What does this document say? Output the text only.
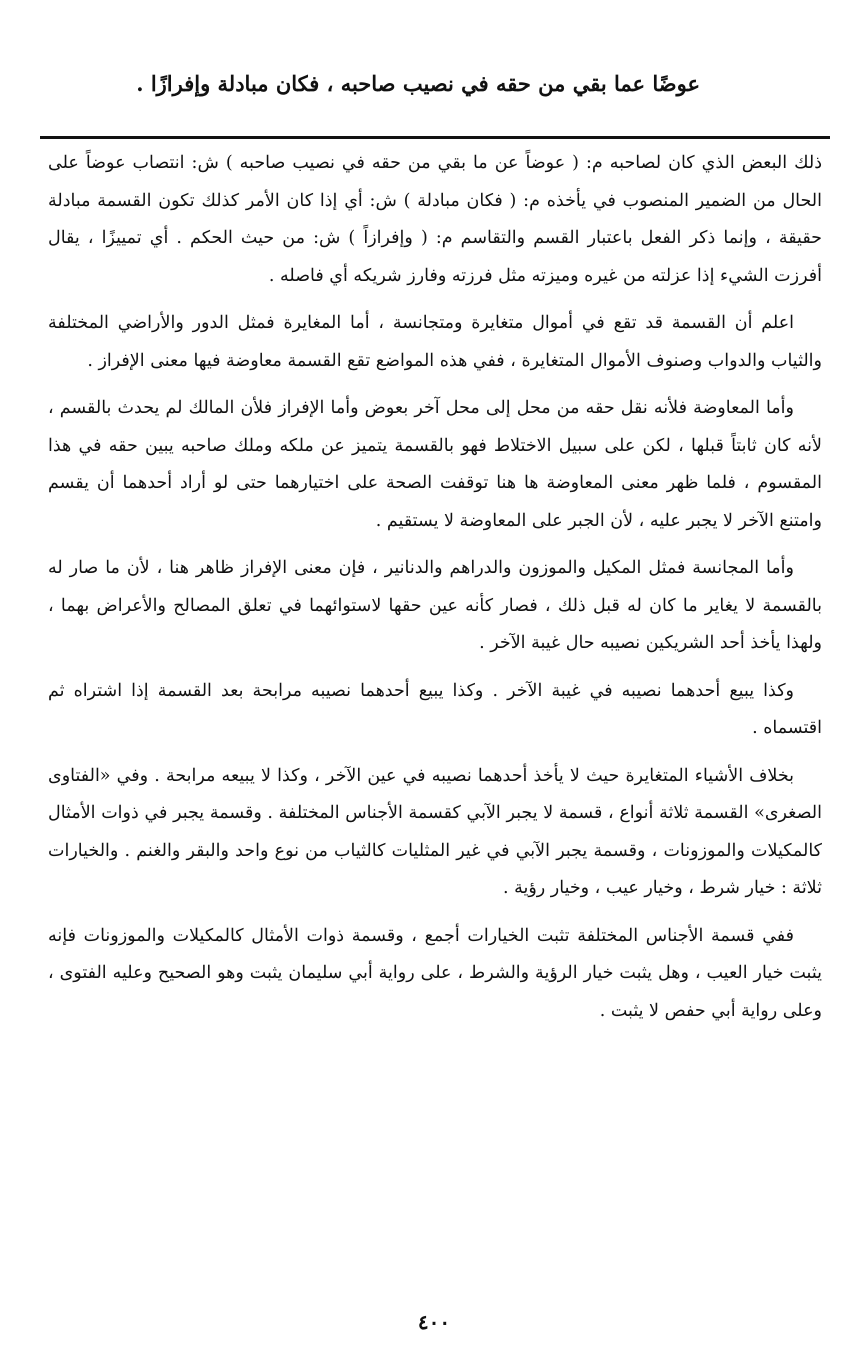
عوضًا عما بقي من حقه في نصيب صاحبه ، فكان مبادلة وإفرازًا .

ذلك البعض الذي كان لصاحبه م: ( عوضاً عن ما بقي من حقه في نصيب صاحبه ) ش: انتصاب عوضاً على الحال من الضمير المنصوب في يأخذه م: ( فكان مبادلة ) ش: أي إذا كان الأمر كذلك تكون القسمة مبادلة حقيقة ، وإنما ذكر الفعل باعتبار القسم والتقاسم م: ( وإفرازاً ) ش: من حيث الحكم . أي تمييزًا ، يقال أفرزت الشيء إذا عزلته من غيره وميزته مثل فرزته وفارز شريكه أي فاصله .

اعلم أن القسمة قد تقع في أموال متغايرة ومتجانسة ، أما المغايرة فمثل الدور والأراضي المختلفة والثياب والدواب وصنوف الأموال المتغايرة ، ففي هذه المواضع تقع القسمة معاوضة فيها معنى الإفراز .

وأما المعاوضة فلأنه نقل حقه من محل إلى محل آخر بعوض وأما الإفراز فلأن المالك لم يحدث بالقسم ، لأنه كان ثابتاً قبلها ، لكن على سبيل الاختلاط فهو بالقسمة يتميز عن ملكه وملك صاحبه يبين حقه في هذا المقسوم ، فلما ظهر معنى المعاوضة ها هنا توقفت الصحة على اختيارهما حتى لو أراد أحدهما أن يقسم وامتنع الآخر لا يجبر عليه ، لأن الجبر على المعاوضة لا يستقيم .

وأما المجانسة فمثل المكيل والموزون والدراهم والدنانير ، فإن معنى الإفراز ظاهر هنا ، لأن ما صار له بالقسمة لا يغاير ما كان له قبل ذلك ، فصار كأنه عين حقها لاستوائهما في تعلق المصالح والأعراض بهما ، ولهذا يأخذ أحد الشريكين نصيبه حال غيبة الآخر .

وكذا يبيع أحدهما نصيبه في غيبة الآخر . وكذا يبيع أحدهما نصيبه مرابحة بعد القسمة إذا اشتراه ثم اقتسماه .

بخلاف الأشياء المتغايرة حيث لا يأخذ أحدهما نصيبه في عين الآخر ، وكذا لا يبيعه مرابحة . وفي «الفتاوى الصغرى» القسمة ثلاثة أنواع ، قسمة لا يجبر الآبي كقسمة الأجناس المختلفة . وقسمة يجبر في ذوات الأمثال كالمكيلات والموزونات ، وقسمة يجبر الآبي في غير المثليات كالثياب من نوع واحد والبقر والغنم . والخيارات ثلاثة : خيار شرط ، وخيار عيب ، وخيار رؤية .

ففي قسمة الأجناس المختلفة تثبت الخيارات أجمع ، وقسمة ذوات الأمثال كالمكيلات والموزونات فإنه يثبت خيار العيب ، وهل يثبت خيار الرؤية والشرط ، على رواية أبي سليمان يثبت وهو الصحيح وعليه الفتوى ، وعلى رواية أبي حفص لا يثبت .

٤٠٠
